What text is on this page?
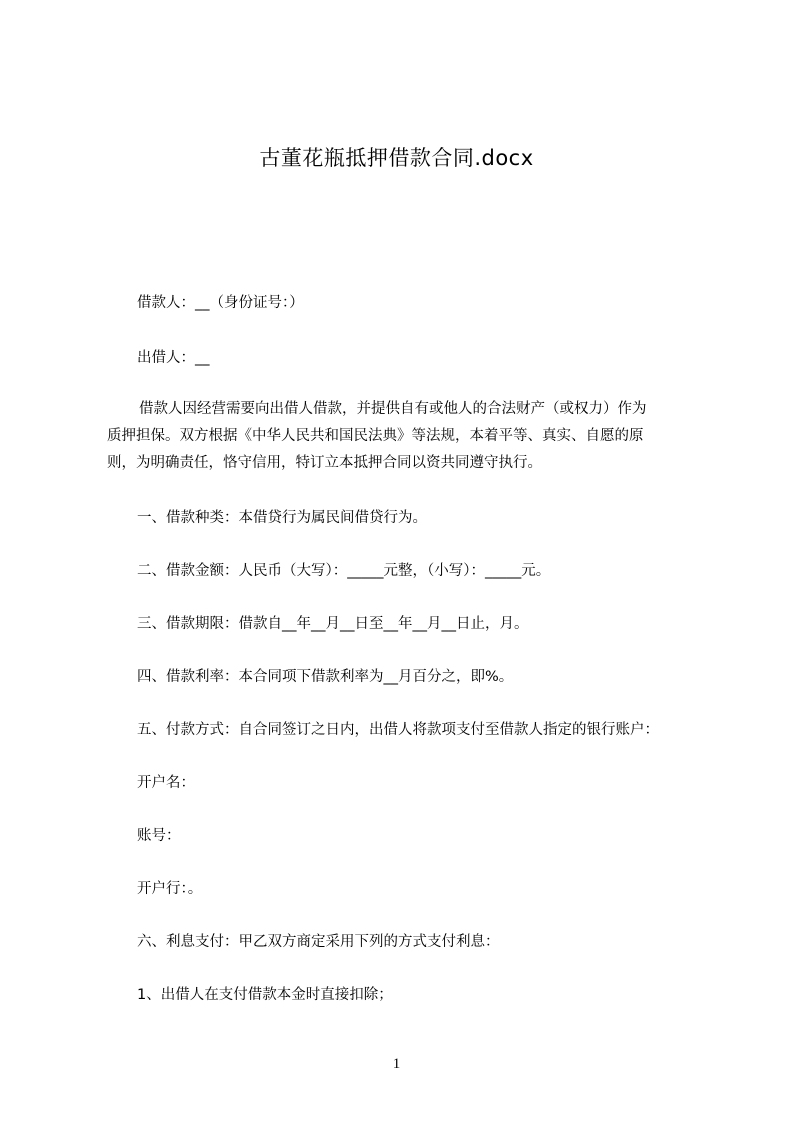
古董花瓶抵押借款合同.docx
借款人：__（身份证号：）
出借人：__
借款人因经营需要向出借人借款，并提供自有或他人的合法财产（或权力）作为
质押担保。双方根据《中华人民共和国民法典》等法规，本着平等、真实、自愿的原
则，为明确责任，恪守信用，特订立本抵押合同以资共同遵守执行。
一、借款种类：本借贷行为属民间借贷行为。
二、借款金额：人民币（大写）：_____元整，（小写）：_____元。
三、借款期限：借款自__年__月__日至__年__月__日止，月。
四、借款利率：本合同项下借款利率为__月百分之，即%。
五、付款方式：自合同签订之日内，出借人将款项支付至借款人指定的银行账户：
开户名：
账号：
开户行：。
六、利息支付：甲乙双方商定采用下列的方式支付利息：
1、出借人在支付借款本金时直接扣除；
1
